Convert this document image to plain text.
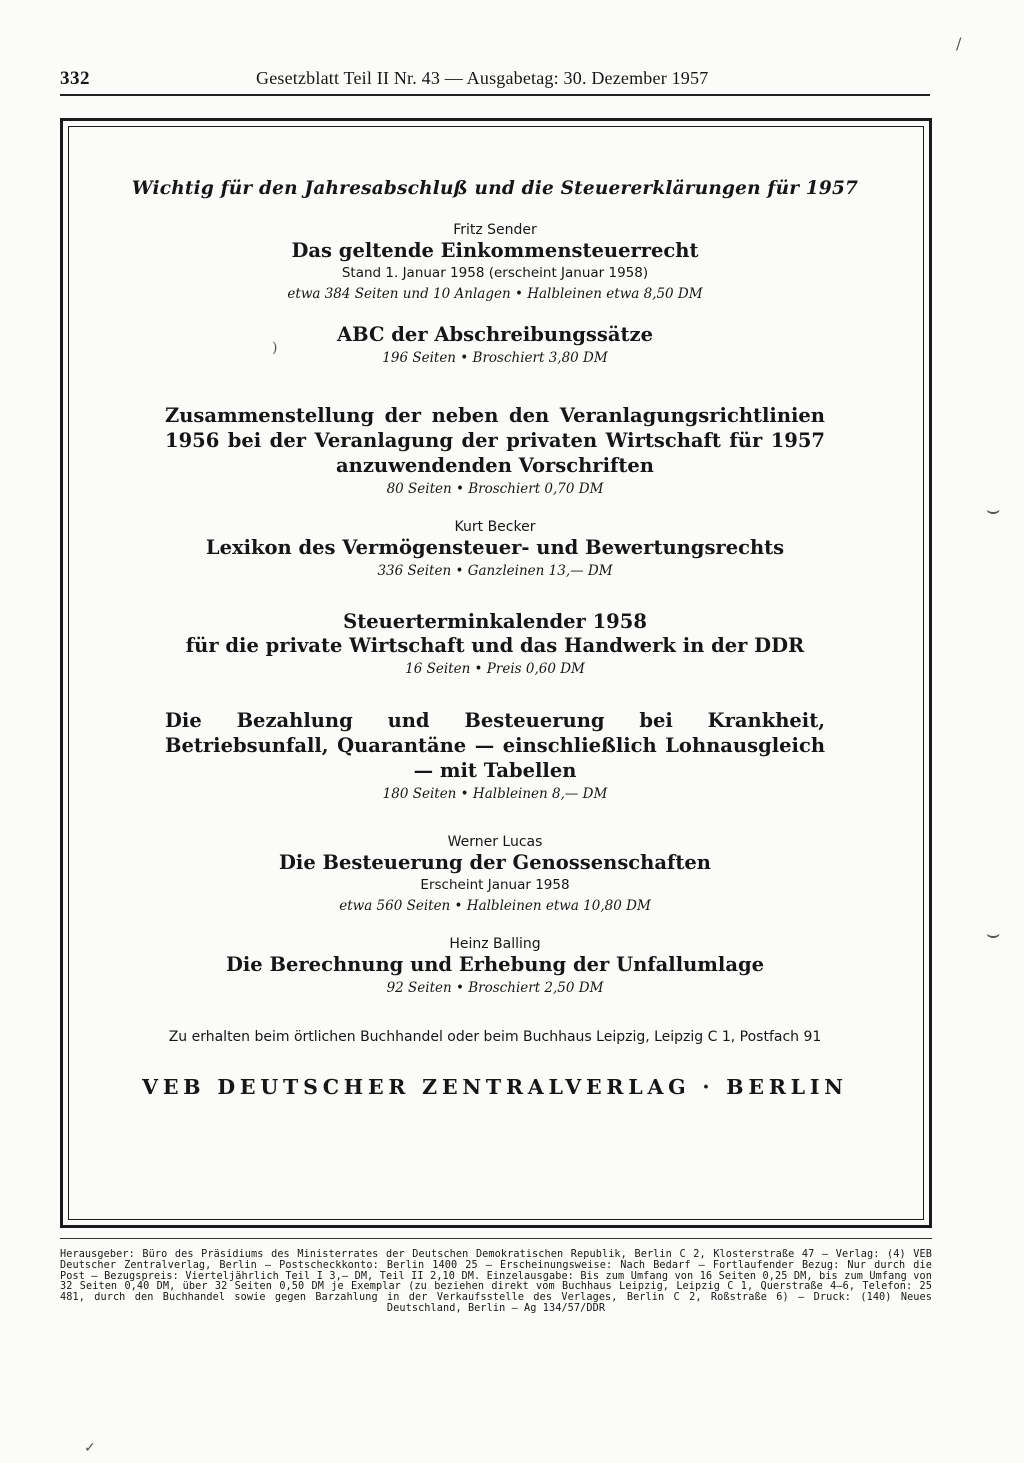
332	Gesetzblatt Teil II Nr. 43 — Ausgabetag: 30. Dezember 1957
Wichtig für den Jahresabschluß und die Steuererklärungen für 1957
Fritz Sender
Das geltende Einkommensteuerrecht
Stand 1. Januar 1958 (erscheint Januar 1958)
etwa 384 Seiten und 10 Anlagen • Halbleinen etwa 8,50 DM
ABC der Abschreibungssätze
196 Seiten • Broschiert 3,80 DM
Zusammenstellung der neben den Veranlagungsrichtlinien 1956 bei der Veranlagung der privaten Wirtschaft für 1957 anzuwendenden Vorschriften
80 Seiten • Broschiert 0,70 DM
Kurt Becker
Lexikon des Vermögensteuer- und Bewertungsrechts
336 Seiten • Ganzleinen 13,— DM
Steuerterminkalender 1958
für die private Wirtschaft und das Handwerk in der DDR
16 Seiten • Preis 0,60 DM
Die Bezahlung und Besteuerung bei Krankheit, Betriebsunfall, Quarantäne — einschließlich Lohnausgleich — mit Tabellen
180 Seiten • Halbleinen 8,— DM
Werner Lucas
Die Besteuerung der Genossenschaften
Erscheint Januar 1958
etwa 560 Seiten • Halbleinen etwa 10,80 DM
Heinz Balling
Die Berechnung und Erhebung der Unfallumlage
92 Seiten • Broschiert 2,50 DM
Zu erhalten beim örtlichen Buchhandel oder beim Buchhaus Leipzig, Leipzig C 1, Postfach 91
VEB DEUTSCHER ZENTRALVERLAG · BERLIN
Herausgeber: Büro des Präsidiums des Ministerrates der Deutschen Demokratischen Republik, Berlin C 2, Klosterstraße 47 — Verlag: (4) VEB Deutscher Zentralverlag, Berlin — Postscheckkonto: Berlin 1400 25 — Erscheinungsweise: Nach Bedarf — Fortlaufender Bezug: Nur durch die Post — Bezugspreis: Vierteljährlich Teil I 3,— DM, Teil II 2,10 DM. Einzelausgabe: Bis zum Umfang von 16 Seiten 0,25 DM, bis zum Umfang von 32 Seiten 0,40 DM, über 32 Seiten 0,50 DM je Exemplar (zu beziehen direkt vom Buchhaus Leipzig, Leipzig C 1, Querstraße 4—6, Telefon: 25 481, durch den Buchhandel sowie gegen Barzahlung in der Verkaufsstelle des Verlages, Berlin C 2, Roßstraße 6) — Druck: (140) Neues Deutschland, Berlin — Ag 134/57/DDR
/
⌣
⌣
)
✓
